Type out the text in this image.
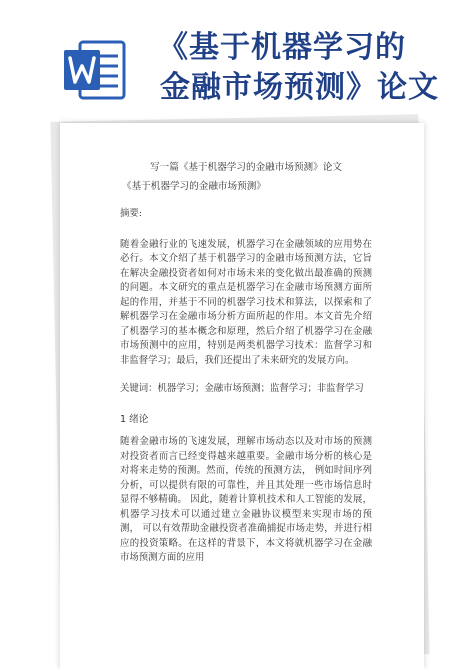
《基于机器学习的
金融市场预测》论文

写一篇《基于机器学习的金融市场预测》论文

《基于机器学习的金融市场预测》

摘要:

随着金融行业的飞速发展，机器学习在金融领域的应用势在必行。本文介绍了基于机器学习的金融市场预测方法，它旨在解决金融投资者如何对市场未来的变化做出最准确的预测的问题。本文研究的重点是机器学习在金融市场预测方面所起的作用，并基于不同的机器学习技术和算法，以探索和了解机器学习在金融市场分析方面所起的作用。本文首先介绍了机器学习的基本概念和原理，然后介绍了机器学习在金融市场预测中的应用，特别是两类机器学习技术：监督学习和非监督学习；最后，我们还提出了未来研究的发展方向。

关键词：机器学习；金融市场预测；监督学习；非监督学习

1 绪论

随着金融市场的飞速发展，理解市场动态以及对市场的预测对投资者而言已经变得越来越重要。金融市场分析的核心是对将来走势的预测。然而，传统的预测方法， 例如时间序列分析，可以提供有限的可靠性，并且其处理一些市场信息时显得不够精确。 因此，随着计算机技术和人工智能的发展，机器学习技术可以通过建立金融协议模型来实现市场的预测， 可以有效帮助金融投资者准确捕捉市场走势，并进行相应的投资策略。在这样的背景下，本文将就机器学习在金融市场预测方面的应用
